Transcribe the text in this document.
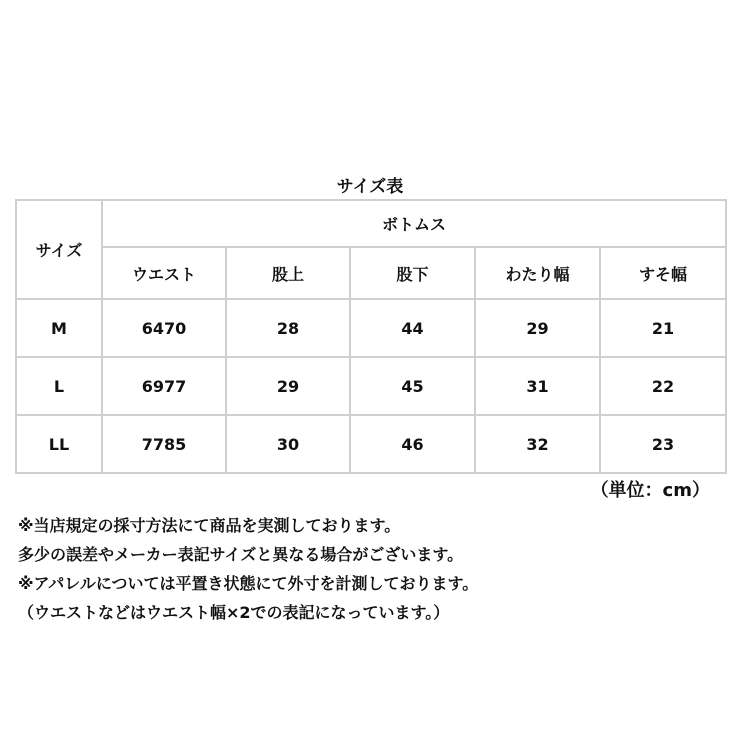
サイズ表
サイズ	ボトムス				
	ウエスト	股上	股下	わたり幅	すそ幅
M	6470	28	44	29	21
L	6977	29	45	31	22
LL	7785	30	46	32	23
（単位：cm）
※当店規定の採寸方法にて商品を実測しております。
多少の誤差やメーカー表記サイズと異なる場合がございます。
※アパレルについては平置き状態にて外寸を計測しております。
（ウエストなどはウエスト幅×2での表記になっています。）
